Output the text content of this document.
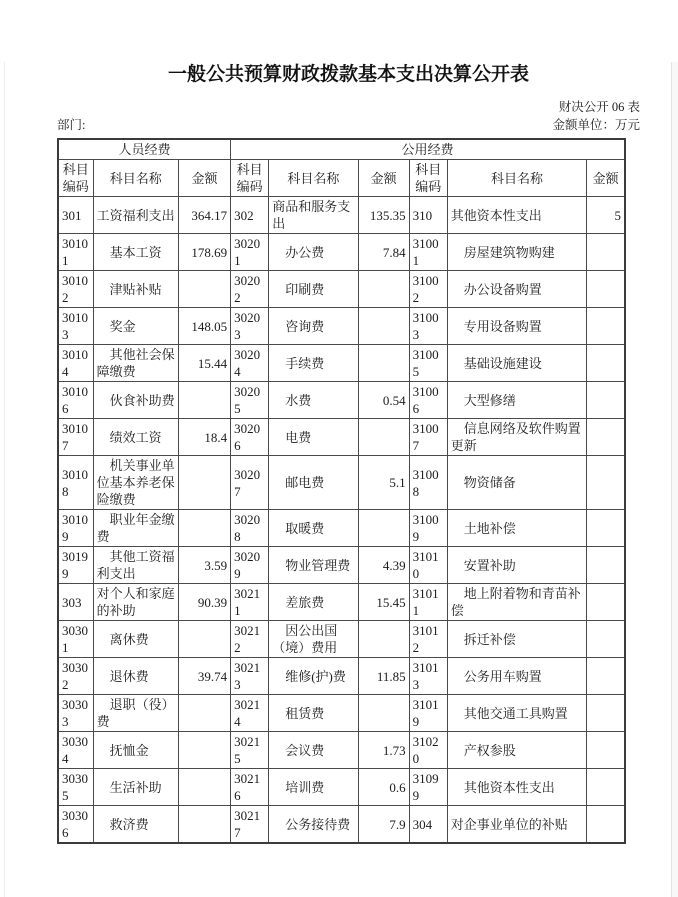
一般公共预算财政拨款基本支出决算公开表
财决公开 06 表
部门:	金额单位：万元
人员经费			公用经费					
科目编码	科目名称	金额	科目编码	科目名称	金额	科目编码	科目名称	金额
301	工资福利支出	364.17	302	商品和服务支出	135.35	310	其他资本性支出	5
30101	基本工资	178.69	30201	办公费	7.84	31001	房屋建筑物购建	
30102	津贴补贴		30202	印刷费		31002	办公设备购置	
30103	奖金	148.05	30203	咨询费		31003	专用设备购置	
30104	其他社会保障缴费	15.44	30204	手续费		31005	基础设施建设	
30106	伙食补助费		30205	水费	0.54	31006	大型修缮	
30107	绩效工资	18.4	30206	电费		31007	信息网络及软件购置更新	
30108	机关事业单位基本养老保险缴费		30207	邮电费	5.1	31008	物资储备	
30109	职业年金缴费		30208	取暖费		31009	土地补偿	
30199	其他工资福利支出	3.59	30209	物业管理费	4.39	31010	安置补助	
303	对个人和家庭的补助	90.39	30211	差旅费	15.45	31011	地上附着物和青苗补偿	
30301	离休费		30212	因公出国（境）费用		31012	拆迁补偿	
30302	退休费	39.74	30213	维修(护)费	11.85	31013	公务用车购置	
30303	退职（役）费		30214	租赁费		31019	其他交通工具购置	
30304	抚恤金		30215	会议费	1.73	31020	产权参股	
30305	生活补助		30216	培训费	0.6	31099	其他资本性支出	
30306	救济费		30217	公务接待费	7.9	304	对企事业单位的补贴	
